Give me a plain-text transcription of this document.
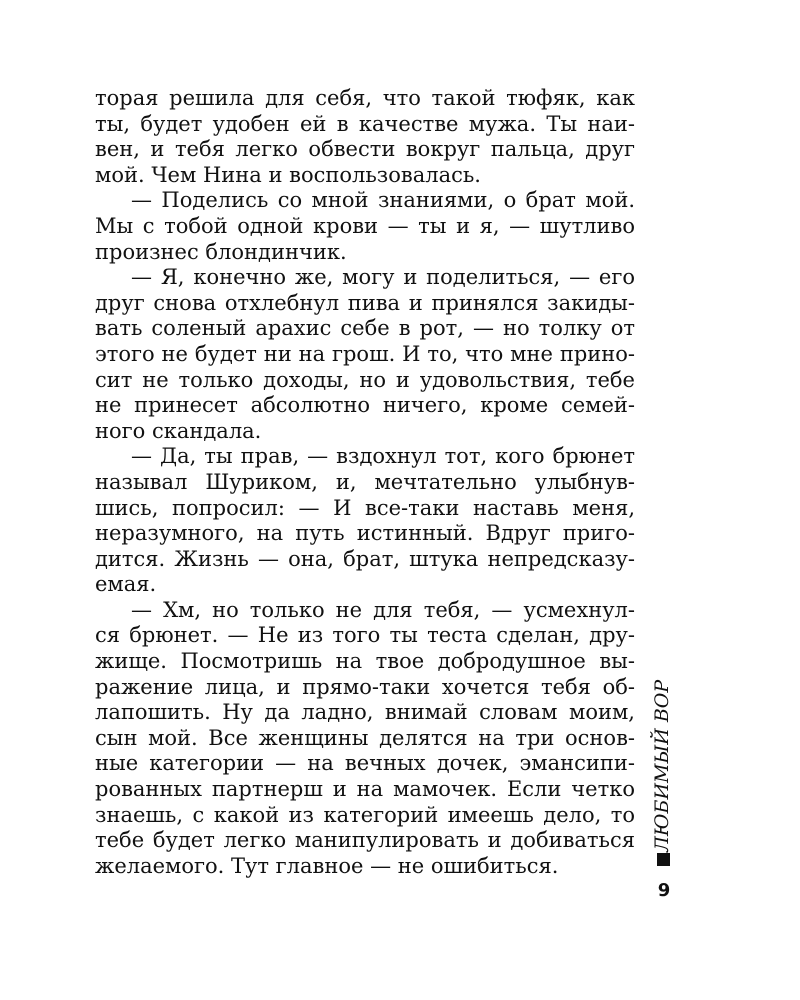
торая решила для себя, что такой тюфяк, как
ты, будет удобен ей в качестве мужа. Ты наи-
вен, и тебя легко обвести вокруг пальца, друг
мой. Чем Нина и воспользовалась.
— Поделись со мной знаниями, о брат мой.
Мы с тобой одной крови — ты и я, — шутливо
произнес блондинчик.
— Я, конечно же, могу и поделиться, — его
друг снова отхлебнул пива и принялся закиды-
вать соленый арахис себе в рот, — но толку от
этого не будет ни на грош. И то, что мне прино-
сит не только доходы, но и удовольствия, тебе
не принесет абсолютно ничего, кроме семей-
ного скандала.
— Да, ты прав, — вздохнул тот, кого брюнет
называл Шуриком, и, мечтательно улыбнув-
шись, попросил: — И все-таки наставь меня,
неразумного, на путь истинный. Вдруг приго-
дится. Жизнь — она, брат, штука непредсказу-
емая.
— Хм, но только не для тебя, — усмехнул-
ся брюнет. — Не из того ты теста сделан, дру-
жище. Посмотришь на твое добродушное вы-
ражение лица, и прямо-таки хочется тебя об-
лапошить. Ну да ладно, внимай словам моим,
сын мой. Все женщины делятся на три основ-
ные категории — на вечных дочек, эмансипи-
рованных партнерш и на мамочек. Если четко
знаешь, с какой из категорий имеешь дело, то
тебе будет легко манипулировать и добиваться
желаемого. Тут главное — не ошибиться.
ЛЮБИМЫЙ ВОР
9
